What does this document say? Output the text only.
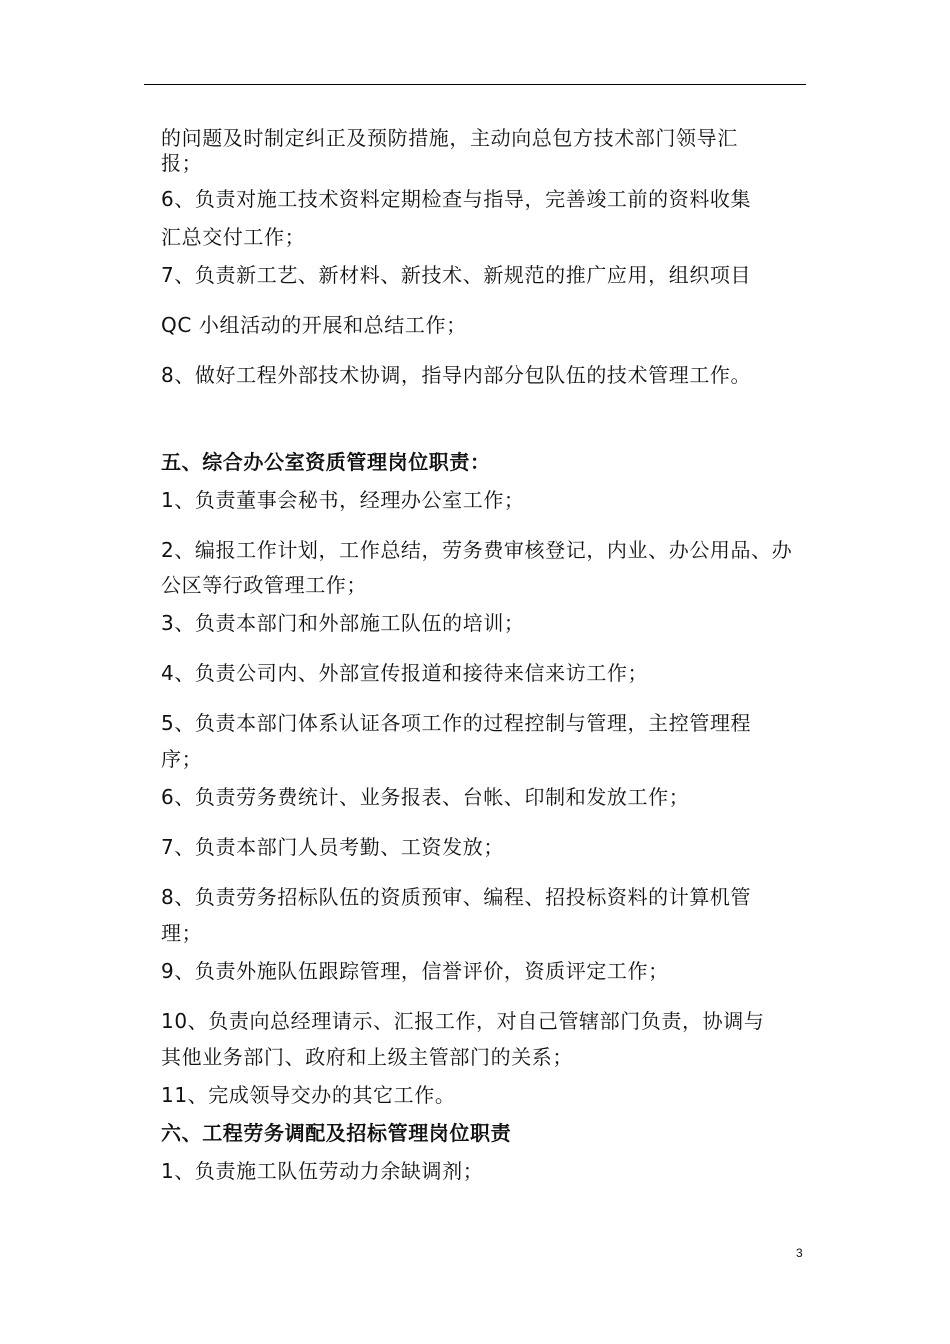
的问题及时制定纠正及预防措施，主动向总包方技术部门领导汇
报；
6、负责对施工技术资料定期检查与指导，完善竣工前的资料收集
汇总交付工作；
7、负责新工艺、新材料、新技术、新规范的推广应用，组织项目
QC 小组活动的开展和总结工作；
8、做好工程外部技术协调，指导内部分包队伍的技术管理工作。
五、综合办公室资质管理岗位职责：
1、负责董事会秘书，经理办公室工作；
2、编报工作计划，工作总结，劳务费审核登记，内业、办公用品、办
公区等行政管理工作；
3、负责本部门和外部施工队伍的培训；
4、负责公司内、外部宣传报道和接待来信来访工作；
5、负责本部门体系认证各项工作的过程控制与管理，主控管理程
序；
6、负责劳务费统计、业务报表、台帐、印制和发放工作；
7、负责本部门人员考勤、工资发放；
8、负责劳务招标队伍的资质预审、编程、招投标资料的计算机管
理；
9、负责外施队伍跟踪管理，信誉评价，资质评定工作；
10、负责向总经理请示、汇报工作，对自己管辖部门负责，协调与
其他业务部门、政府和上级主管部门的关系；
11、完成领导交办的其它工作。
六、工程劳务调配及招标管理岗位职责
1、负责施工队伍劳动力余缺调剂；
3
